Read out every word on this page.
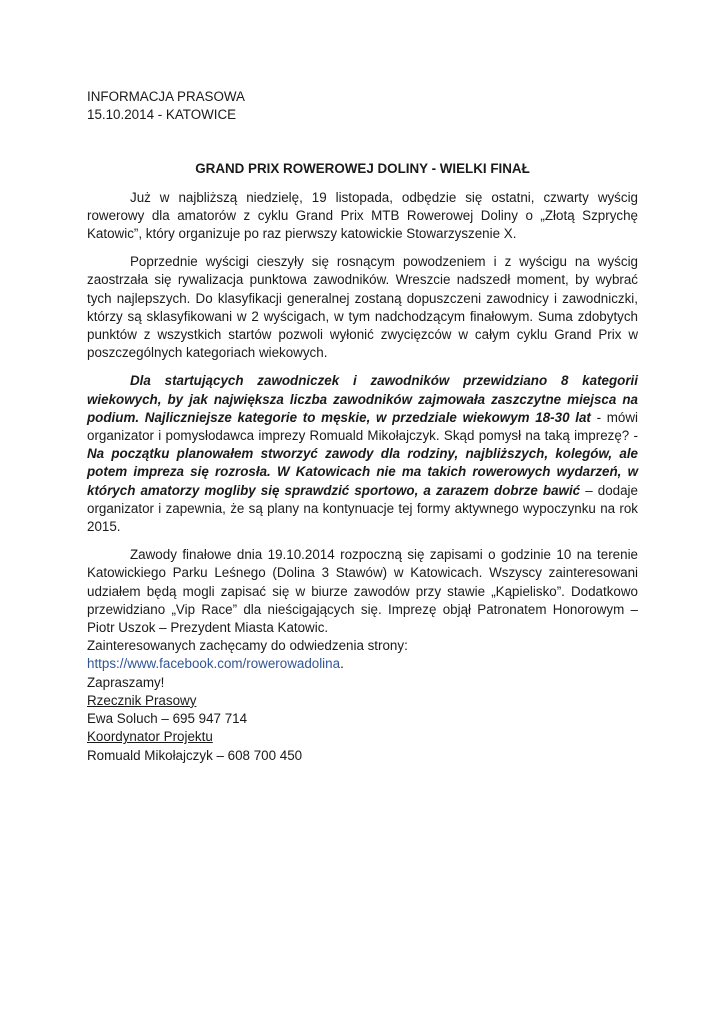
INFORMACJA PRASOWA
15.10.2014 - KATOWICE
GRAND PRIX ROWEROWEJ DOLINY - WIELKI FINAŁ

Już w najbliższą niedzielę, 19 listopada, odbędzie się ostatni, czwarty wyścig rowerowy dla amatorów z cyklu Grand Prix MTB Rowerowej Doliny o „Złotą Szprychę Katowic”, który organizuje po raz pierwszy katowickie Stowarzyszenie X.

Poprzednie wyścigi cieszyły się rosnącym powodzeniem i z wyścigu na wyścig zaostrzała się rywalizacja punktowa zawodników. Wreszcie nadszedł moment, by wybrać tych najlepszych. Do klasyfikacji generalnej zostaną dopuszczeni zawodnicy i zawodniczki, którzy są sklasyfikowani w 2 wyścigach, w tym nadchodzącym finałowym. Suma zdobytych punktów z wszystkich startów pozwoli wyłonić zwycięzców w całym cyklu Grand Prix w poszczególnych kategoriach wiekowych.

Dla startujących zawodniczek i zawodników przewidziano 8 kategorii wiekowych, by jak największa liczba zawodników zajmowała zaszczytne miejsca na podium. Najliczniejsze kategorie to męskie, w przedziale wiekowym 18-30 lat - mówi organizator i pomysłodawca imprezy Romuald Mikołajczyk. Skąd pomysł na taką imprezę? - Na początku planowałem stworzyć zawody dla rodziny, najbliższych, kolegów, ale potem impreza się rozrosła. W Katowicach nie ma takich rowerowych wydarzeń, w których amatorzy mogliby się sprawdzić sportowo, a zarazem dobrze bawić – dodaje organizator i zapewnia, że są plany na kontynuacje tej formy aktywnego wypoczynku na rok 2015.

Zawody finałowe dnia 19.10.2014 rozpoczną się zapisami o godzinie 10 na terenie Katowickiego Parku Leśnego (Dolina 3 Stawów) w Katowicach. Wszyscy zainteresowani udziałem będą mogli zapisać się w biurze zawodów przy stawie „Kąpielisko”. Dodatkowo przewidziano „Vip Race” dla nieścigających się. Imprezę objął Patronatem Honorowym – Piotr Uszok – Prezydent Miasta Katowic.

Zainteresowanych zachęcamy do odwiedzenia strony:
https://www.facebook.com/rowerowadolina.

Zapraszamy!

Rzecznik Prasowy

Ewa Soluch – 695 947 714

Koordynator Projektu

Romuald Mikołajczyk – 608 700 450
